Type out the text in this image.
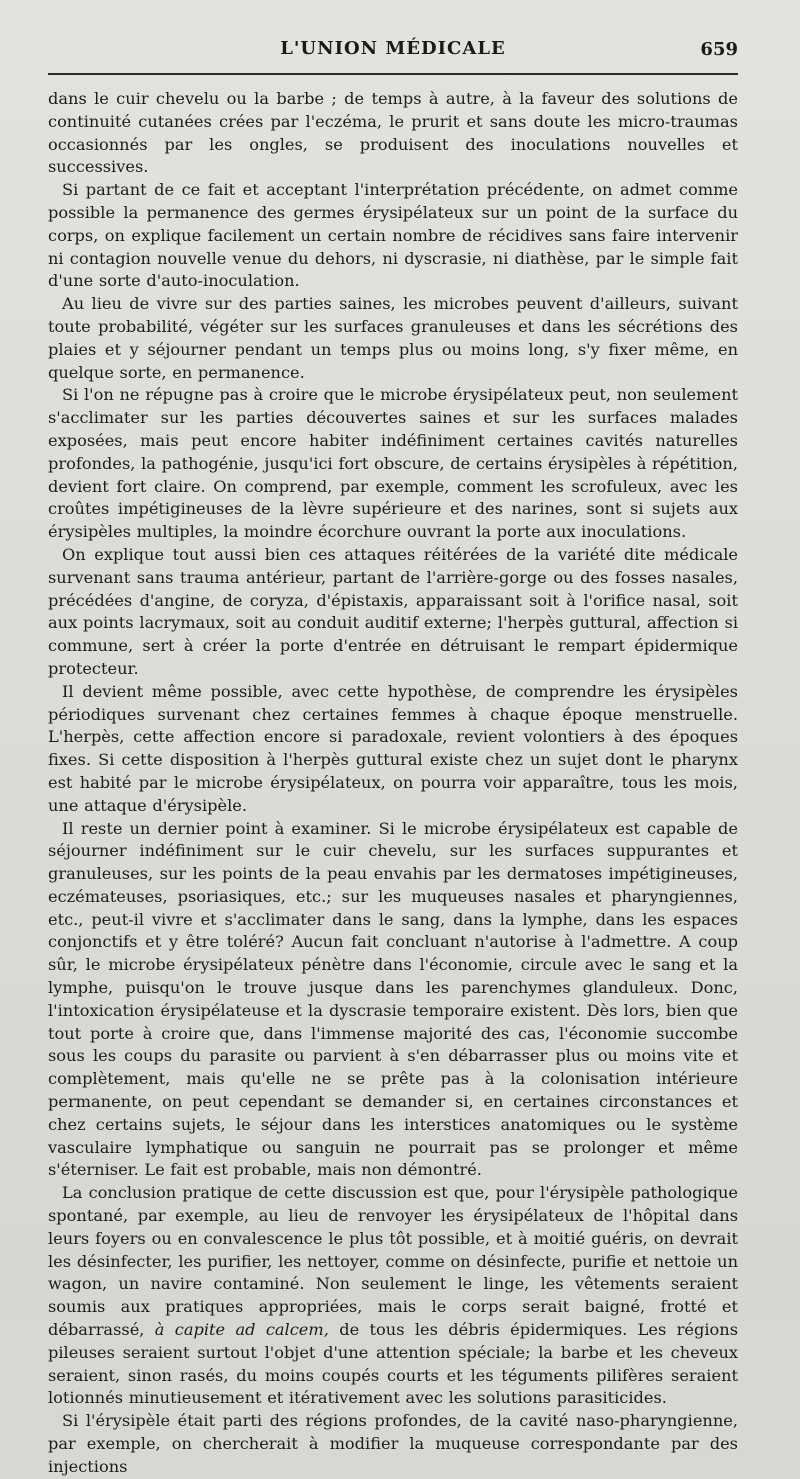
L'UNION MÉDICALE	659

dans le cuir chevelu ou la barbe ; de temps à autre, à la faveur des solutions de continuité cutanées crées par l'eczéma, le prurit et sans doute les micro-traumas occasionnés par les ongles, se produisent des inoculations nouvelles et successives.

Si partant de ce fait et acceptant l'interprétation précédente, on admet comme possible la permanence des germes érysipélateux sur un point de la surface du corps, on explique facilement un certain nombre de récidives sans faire intervenir ni contagion nouvelle venue du dehors, ni dyscrasie, ni diathèse, par le simple fait d'une sorte d'auto-inoculation.

Au lieu de vivre sur des parties saines, les microbes peuvent d'ailleurs, suivant toute probabilité, végéter sur les surfaces granuleuses et dans les sécrétions des plaies et y séjourner pendant un temps plus ou moins long, s'y fixer même, en quelque sorte, en permanence.

Si l'on ne répugne pas à croire que le microbe érysipélateux peut, non seulement s'acclimater sur les parties découvertes saines et sur les surfaces malades exposées, mais peut encore habiter indéfiniment certaines cavités naturelles profondes, la pathogénie, jusqu'ici fort obscure, de certains érysipèles à répétition, devient fort claire. On comprend, par exemple, comment les scrofuleux, avec les croûtes impétigineuses de la lèvre supérieure et des narines, sont si sujets aux érysipèles multiples, la moindre écorchure ouvrant la porte aux inoculations.

On explique tout aussi bien ces attaques réitérées de la variété dite médicale survenant sans trauma antérieur, partant de l'arrière-gorge ou des fosses nasales, précédées d'angine, de coryza, d'épistaxis, apparaissant soit à l'orifice nasal, soit aux points lacrymaux, soit au conduit auditif externe; l'herpès guttural, affection si commune, sert à créer la porte d'entrée en détruisant le rempart épidermique protecteur.

Il devient même possible, avec cette hypothèse, de comprendre les érysipèles périodiques survenant chez certaines femmes à chaque époque menstruelle. L'herpès, cette affection encore si paradoxale, revient volontiers à des époques fixes. Si cette disposition à l'herpès guttural existe chez un sujet dont le pharynx est habité par le microbe érysipélateux, on pourra voir apparaître, tous les mois, une attaque d'érysipèle.

Il reste un dernier point à examiner. Si le microbe érysipélateux est capable de séjourner indéfiniment sur le cuir chevelu, sur les surfaces suppurantes et granuleuses, sur les points de la peau envahis par les dermatoses impétigineuses, eczémateuses, psoriasiques, etc.; sur les muqueuses nasales et pharyngiennes, etc., peut-il vivre et s'acclimater dans le sang, dans la lymphe, dans les espaces conjonctifs et y être toléré? Aucun fait concluant n'autorise à l'admettre. A coup sûr, le microbe érysipélateux pénètre dans l'économie, circule avec le sang et la lymphe, puisqu'on le trouve jusque dans les parenchymes glanduleux. Donc, l'intoxication érysipélateuse et la dyscrasie temporaire existent. Dès lors, bien que tout porte à croire que, dans l'immense majorité des cas, l'économie succombe sous les coups du parasite ou parvient à s'en débarrasser plus ou moins vite et complètement, mais qu'elle ne se prête pas à la colonisation intérieure permanente, on peut cependant se demander si, en certaines circonstances et chez certains sujets, le séjour dans les interstices anatomiques ou le système vasculaire lymphatique ou sanguin ne pourrait pas se prolonger et même s'éterniser. Le fait est probable, mais non démontré.

La conclusion pratique de cette discussion est que, pour l'érysipèle pathologique spontané, par exemple, au lieu de renvoyer les érysipélateux de l'hôpital dans leurs foyers ou en convalescence le plus tôt possible, et à moitié guéris, on devrait les désinfecter, les purifier, les nettoyer, comme on désinfecte, purifie et nettoie un wagon, un navire contaminé. Non seulement le linge, les vêtements seraient soumis aux pratiques appropriées, mais le corps serait baigné, frotté et débarrassé, à capite ad calcem, de tous les débris épidermiques. Les régions pileuses seraient surtout l'objet d'une attention spéciale; la barbe et les cheveux seraient, sinon rasés, du moins coupés courts et les téguments pilifères seraient lotionnés minutieusement et itérativement avec les solutions parasiticides.

Si l'érysipèle était parti des régions profondes, de la cavité naso-pharyngienne, par exemple, on chercherait à modifier la muqueuse correspondante par des injections
